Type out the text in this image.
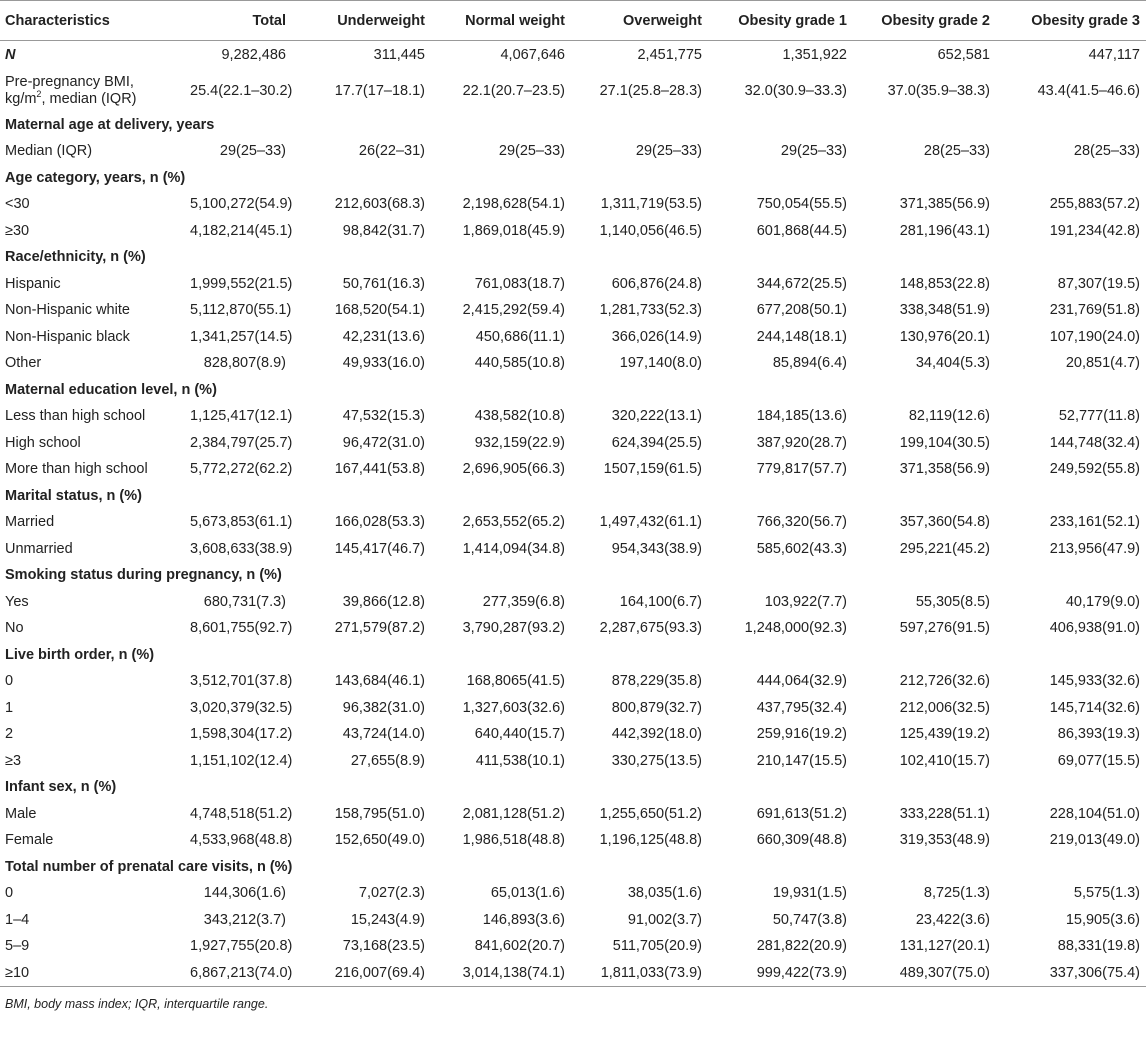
Characteristics	Total	Underweight	Normal weight	Overweight	Obesity grade 1	Obesity grade 2	Obesity grade 3
N	9,282,486	311,445	4,067,646	2,451,775	1,351,922	652,581	447,117
Pre-pregnancy BMI,
$kg/m^2$, median (IQR)	25.4(22.1–30.2)	17.7(17–18.1)	22.1(20.7–23.5)	27.1(25.8–28.3)	32.0(30.9–33.3)	37.0(35.9–38.3)	43.4(41.5–46.6)
Maternal age at delivery, years							
Median (IQR)	29(25–33)	26(22–31)	29(25–33)	29(25–33)	29(25–33)	28(25–33)	28(25–33)
Age category, years, n (%)							
<30	5,100,272(54.9)	212,603(68.3)	2,198,628(54.1)	1,311,719(53.5)	750,054(55.5)	371,385(56.9)	255,883(57.2)
≥30	4,182,214(45.1)	98,842(31.7)	1,869,018(45.9)	1,140,056(46.5)	601,868(44.5)	281,196(43.1)	191,234(42.8)
Race/ethnicity, n (%)							
Hispanic	1,999,552(21.5)	50,761(16.3)	761,083(18.7)	606,876(24.8)	344,672(25.5)	148,853(22.8)	87,307(19.5)
Non-Hispanic white	5,112,870(55.1)	168,520(54.1)	2,415,292(59.4)	1,281,733(52.3)	677,208(50.1)	338,348(51.9)	231,769(51.8)
Non-Hispanic black	1,341,257(14.5)	42,231(13.6)	450,686(11.1)	366,026(14.9)	244,148(18.1)	130,976(20.1)	107,190(24.0)
Other	828,807(8.9)	49,933(16.0)	440,585(10.8)	197,140(8.0)	85,894(6.4)	34,404(5.3)	20,851(4.7)
Maternal education level, n (%)							
Less than high school	1,125,417(12.1)	47,532(15.3)	438,582(10.8)	320,222(13.1)	184,185(13.6)	82,119(12.6)	52,777(11.8)
High school	2,384,797(25.7)	96,472(31.0)	932,159(22.9)	624,394(25.5)	387,920(28.7)	199,104(30.5)	144,748(32.4)
More than high school	5,772,272(62.2)	167,441(53.8)	2,696,905(66.3)	1507,159(61.5)	779,817(57.7)	371,358(56.9)	249,592(55.8)
Marital status, n (%)							
Married	5,673,853(61.1)	166,028(53.3)	2,653,552(65.2)	1,497,432(61.1)	766,320(56.7)	357,360(54.8)	233,161(52.1)
Unmarried	3,608,633(38.9)	145,417(46.7)	1,414,094(34.8)	954,343(38.9)	585,602(43.3)	295,221(45.2)	213,956(47.9)
Smoking status during pregnancy, n (%)							
Yes	680,731(7.3)	39,866(12.8)	277,359(6.8)	164,100(6.7)	103,922(7.7)	55,305(8.5)	40,179(9.0)
No	8,601,755(92.7)	271,579(87.2)	3,790,287(93.2)	2,287,675(93.3)	1,248,000(92.3)	597,276(91.5)	406,938(91.0)
Live birth order, n (%)							
0	3,512,701(37.8)	143,684(46.1)	168,8065(41.5)	878,229(35.8)	444,064(32.9)	212,726(32.6)	145,933(32.6)
1	3,020,379(32.5)	96,382(31.0)	1,327,603(32.6)	800,879(32.7)	437,795(32.4)	212,006(32.5)	145,714(32.6)
2	1,598,304(17.2)	43,724(14.0)	640,440(15.7)	442,392(18.0)	259,916(19.2)	125,439(19.2)	86,393(19.3)
≥3	1,151,102(12.4)	27,655(8.9)	411,538(10.1)	330,275(13.5)	210,147(15.5)	102,410(15.7)	69,077(15.5)
Infant sex, n (%)							
Male	4,748,518(51.2)	158,795(51.0)	2,081,128(51.2)	1,255,650(51.2)	691,613(51.2)	333,228(51.1)	228,104(51.0)
Female	4,533,968(48.8)	152,650(49.0)	1,986,518(48.8)	1,196,125(48.8)	660,309(48.8)	319,353(48.9)	219,013(49.0)
Total number of prenatal care visits, n (%)							
0	144,306(1.6)	7,027(2.3)	65,013(1.6)	38,035(1.6)	19,931(1.5)	8,725(1.3)	5,575(1.3)
1–4	343,212(3.7)	15,243(4.9)	146,893(3.6)	91,002(3.7)	50,747(3.8)	23,422(3.6)	15,905(3.6)
5–9	1,927,755(20.8)	73,168(23.5)	841,602(20.7)	511,705(20.9)	281,822(20.9)	131,127(20.1)	88,331(19.8)
≥10	6,867,213(74.0)	216,007(69.4)	3,014,138(74.1)	1,811,033(73.9)	999,422(73.9)	489,307(75.0)	337,306(75.4)
BMI, body mass index; IQR, interquartile range.
